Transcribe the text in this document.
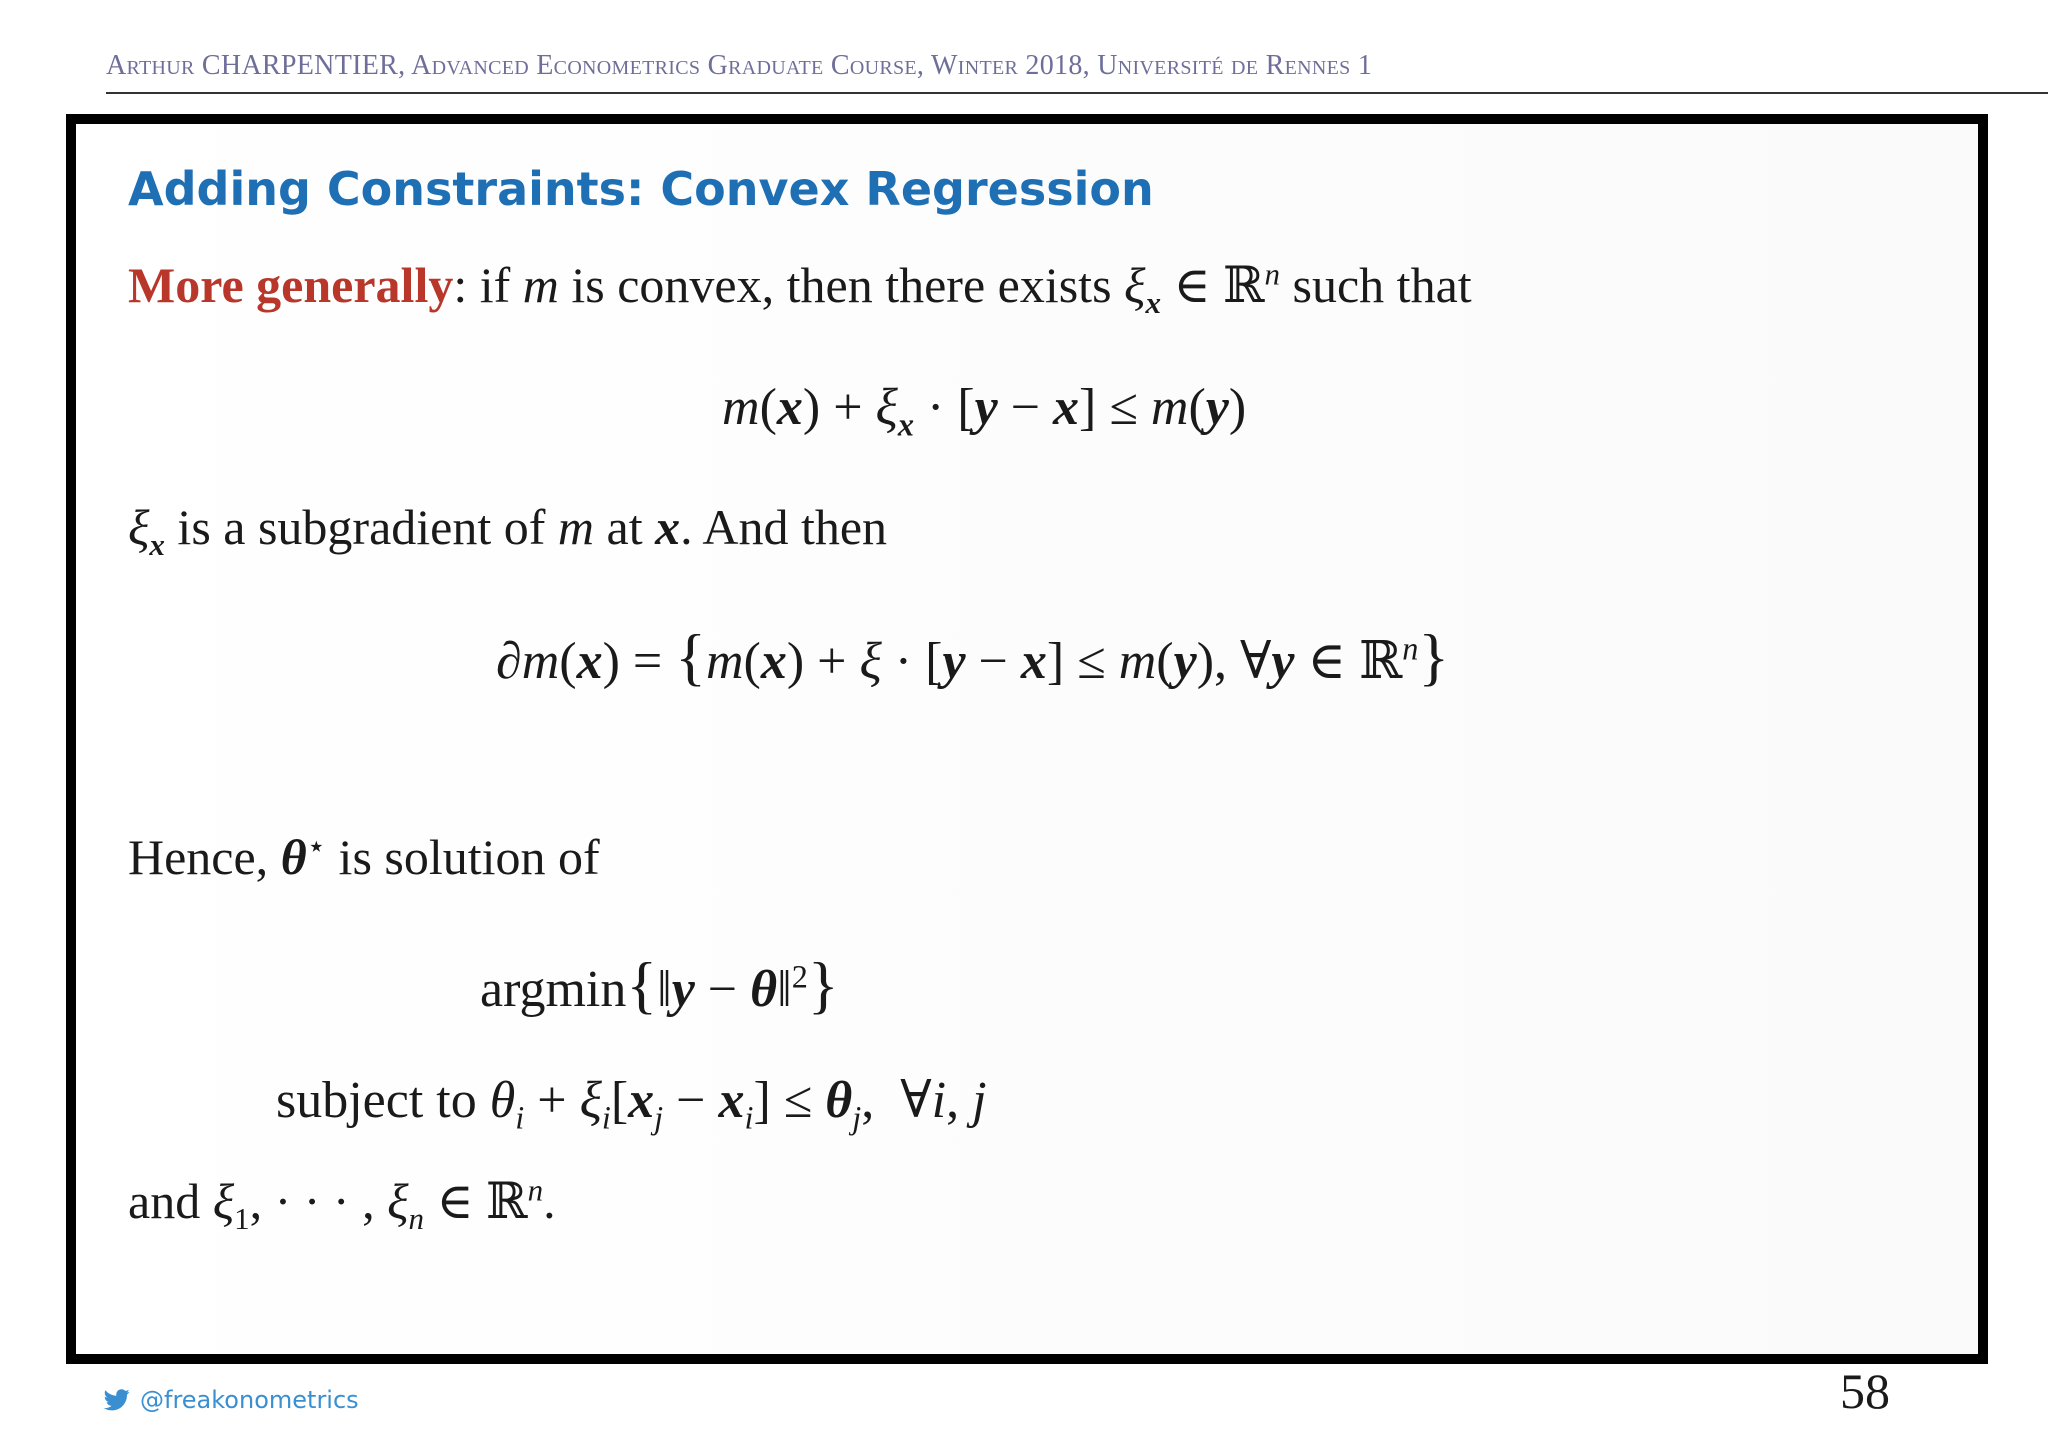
Arthur CHARPENTIER, Advanced Econometrics Graduate Course, Winter 2018, Université de Rennes 1
Adding Constraints: Convex Regression
More generally: if m is convex, then there exists $\xi_x$ ∈ ℝ$^n$ such that
$m(x) + \xi_x \cdot [y - x] \le m(y)$
$\xi_x$ is a subgradient of m at x. And then
∂m(x) = {m(x) + ξ · [y − x] ≤ m(y), ∀y ∈ ℝ$^n$}
Hence, θ⋆ is solution of
argmin{‖y − θ‖$^2$}
subject to $\theta_i + \xi_i[x_j - x_i] \le \theta_j$,  ∀i, j
and $\xi_1$, · · · , $\xi_n$ ∈ ℝ$^n$.
@freakonometrics	58
